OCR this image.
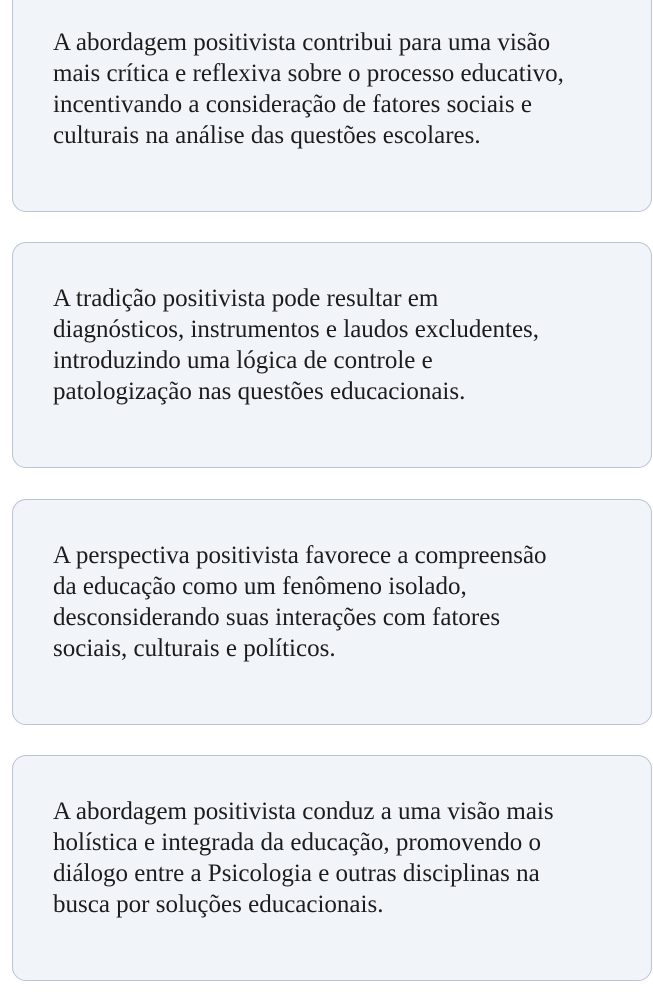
A abordagem positivista contribui para uma visão
mais crítica e reflexiva sobre o processo educativo,
incentivando a consideração de fatores sociais e
culturais na análise das questões escolares.
A tradição positivista pode resultar em
diagnósticos, instrumentos e laudos excludentes,
introduzindo uma lógica de controle e
patologização nas questões educacionais.
A perspectiva positivista favorece a compreensão
da educação como um fenômeno isolado,
desconsiderando suas interações com fatores
sociais, culturais e políticos.
A abordagem positivista conduz a uma visão mais
holística e integrada da educação, promovendo o
diálogo entre a Psicologia e outras disciplinas na
busca por soluções educacionais.
